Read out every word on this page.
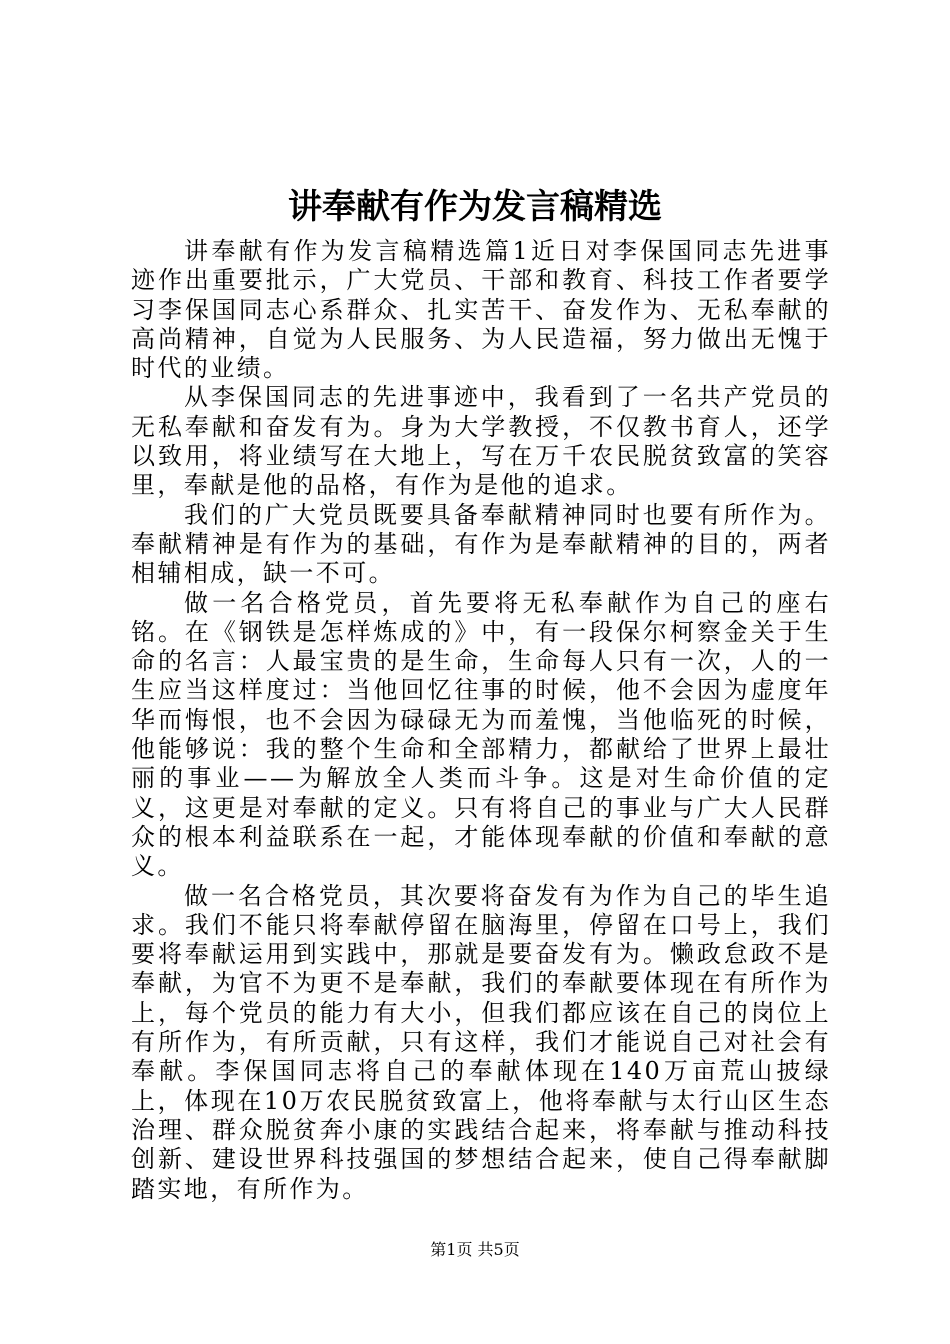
讲奉献有作为发言稿精选

讲奉献有作为发言稿精选篇1近日对李保国同志先进事迹作出重要批示，广大党员、干部和教育、科技工作者要学习李保国同志心系群众、扎实苦干、奋发作为、无私奉献的高尚精神，自觉为人民服务、为人民造福，努力做出无愧于时代的业绩。

从李保国同志的先进事迹中，我看到了一名共产党员的无私奉献和奋发有为。身为大学教授，不仅教书育人，还学以致用，将业绩写在大地上，写在万千农民脱贫致富的笑容里，奉献是他的品格，有作为是他的追求。

我们的广大党员既要具备奉献精神同时也要有所作为。奉献精神是有作为的基础，有作为是奉献精神的目的，两者相辅相成，缺一不可。

做一名合格党员，首先要将无私奉献作为自己的座右铭。在《钢铁是怎样炼成的》中，有一段保尔柯察金关于生命的名言：人最宝贵的是生命，生命每人只有一次，人的一生应当这样度过：当他回忆往事的时候，他不会因为虚度年华而悔恨，也不会因为碌碌无为而羞愧，当他临死的时候，他能够说：我的整个生命和全部精力，都献给了世界上最壮丽的事业——为解放全人类而斗争。这是对生命价值的定义，这更是对奉献的定义。只有将自己的事业与广大人民群众的根本利益联系在一起，才能体现奉献的价值和奉献的意义。

做一名合格党员，其次要将奋发有为作为自己的毕生追求。我们不能只将奉献停留在脑海里，停留在口号上，我们要将奉献运用到实践中，那就是要奋发有为。懒政怠政不是奉献，为官不为更不是奉献，我们的奉献要体现在有所作为上，每个党员的能力有大小，但我们都应该在自己的岗位上有所作为，有所贡献，只有这样，我们才能说自己对社会有奉献。李保国同志将自己的奉献体现在140万亩荒山披绿上，体现在10万农民脱贫致富上，他将奉献与太行山区生态治理、群众脱贫奔小康的实践结合起来，将奉献与推动科技创新、建设世界科技强国的梦想结合起来，使自己得奉献脚踏实地，有所作为。

第1页 共5页
